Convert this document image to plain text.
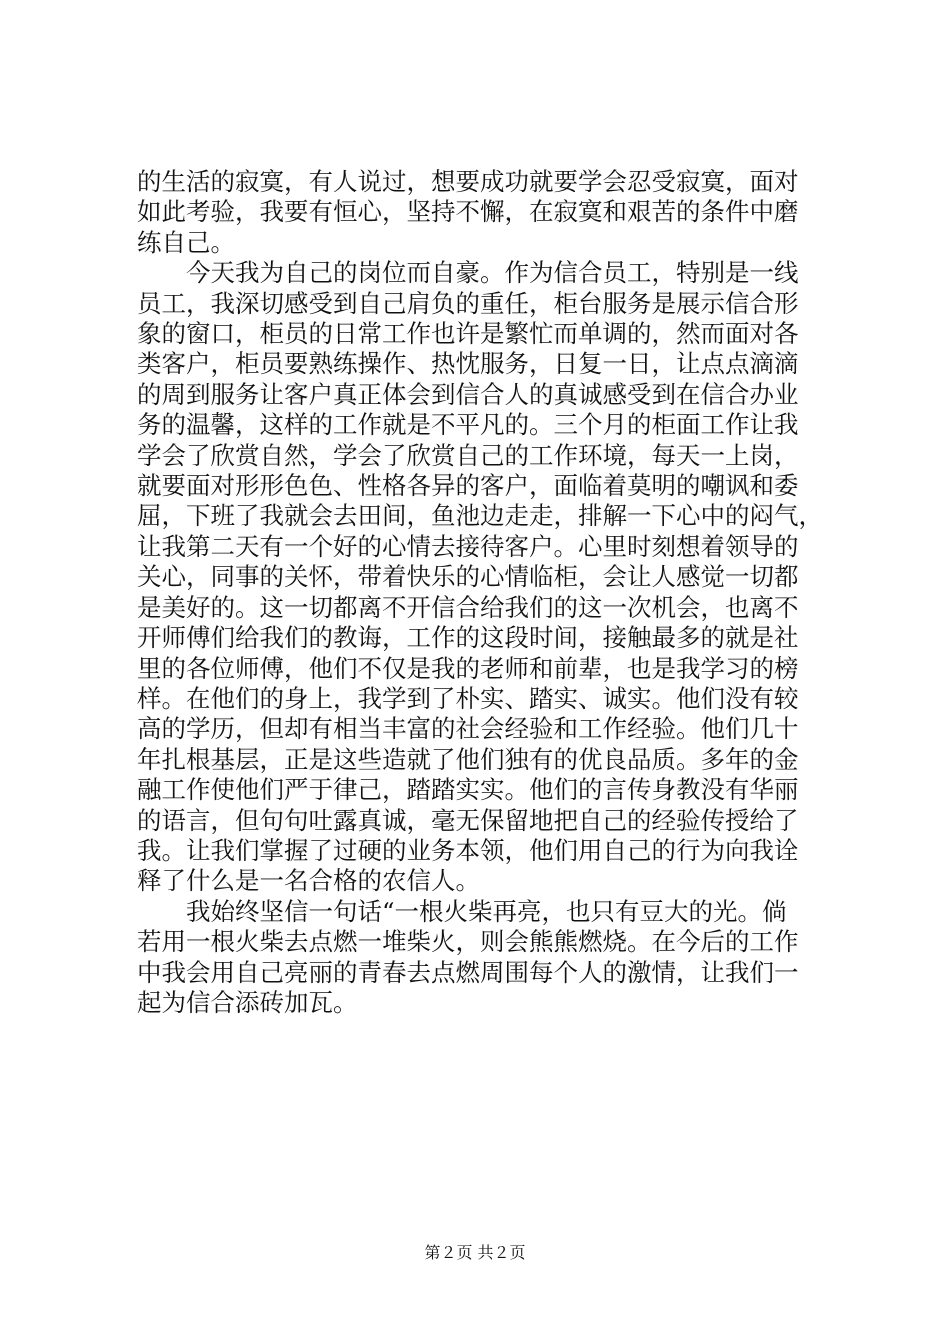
的生活的寂寞，有人说过，想要成功就要学会忍受寂寞，面对
如此考验，我要有恒心，坚持不懈，在寂寞和艰苦的条件中磨
练自己。
　　今天我为自己的岗位而自豪。作为信合员工，特别是一线
员工，我深切感受到自己肩负的重任，柜台服务是展示信合形
象的窗口，柜员的日常工作也许是繁忙而单调的，然而面对各
类客户，柜员要熟练操作、热忱服务，日复一日，让点点滴滴
的周到服务让客户真正体会到信合人的真诚感受到在信合办业
务的温馨，这样的工作就是不平凡的。三个月的柜面工作让我
学会了欣赏自然，学会了欣赏自己的工作环境，每天一上岗，
就要面对形形色色、性格各异的客户，面临着莫明的嘲讽和委
屈，下班了我就会去田间，鱼池边走走，排解一下心中的闷气，
让我第二天有一个好的心情去接待客户。心里时刻想着领导的
关心，同事的关怀，带着快乐的心情临柜，会让人感觉一切都
是美好的。这一切都离不开信合给我们的这一次机会，也离不
开师傅们给我们的教诲，工作的这段时间，接触最多的就是社
里的各位师傅，他们不仅是我的老师和前辈，也是我学习的榜
样。在他们的身上，我学到了朴实、踏实、诚实。他们没有较
高的学历，但却有相当丰富的社会经验和工作经验。他们几十
年扎根基层，正是这些造就了他们独有的优良品质。多年的金
融工作使他们严于律己，踏踏实实。他们的言传身教没有华丽
的语言，但句句吐露真诚，毫无保留地把自己的经验传授给了
我。让我们掌握了过硬的业务本领，他们用自己的行为向我诠
释了什么是一名合格的农信人。
　　我始终坚信一句话“一根火柴再亮，也只有豆大的光。倘
若用一根火柴去点燃一堆柴火，则会熊熊燃烧。在今后的工作
中我会用自己亮丽的青春去点燃周围每个人的激情，让我们一
起为信合添砖加瓦。
第２页 共２页
